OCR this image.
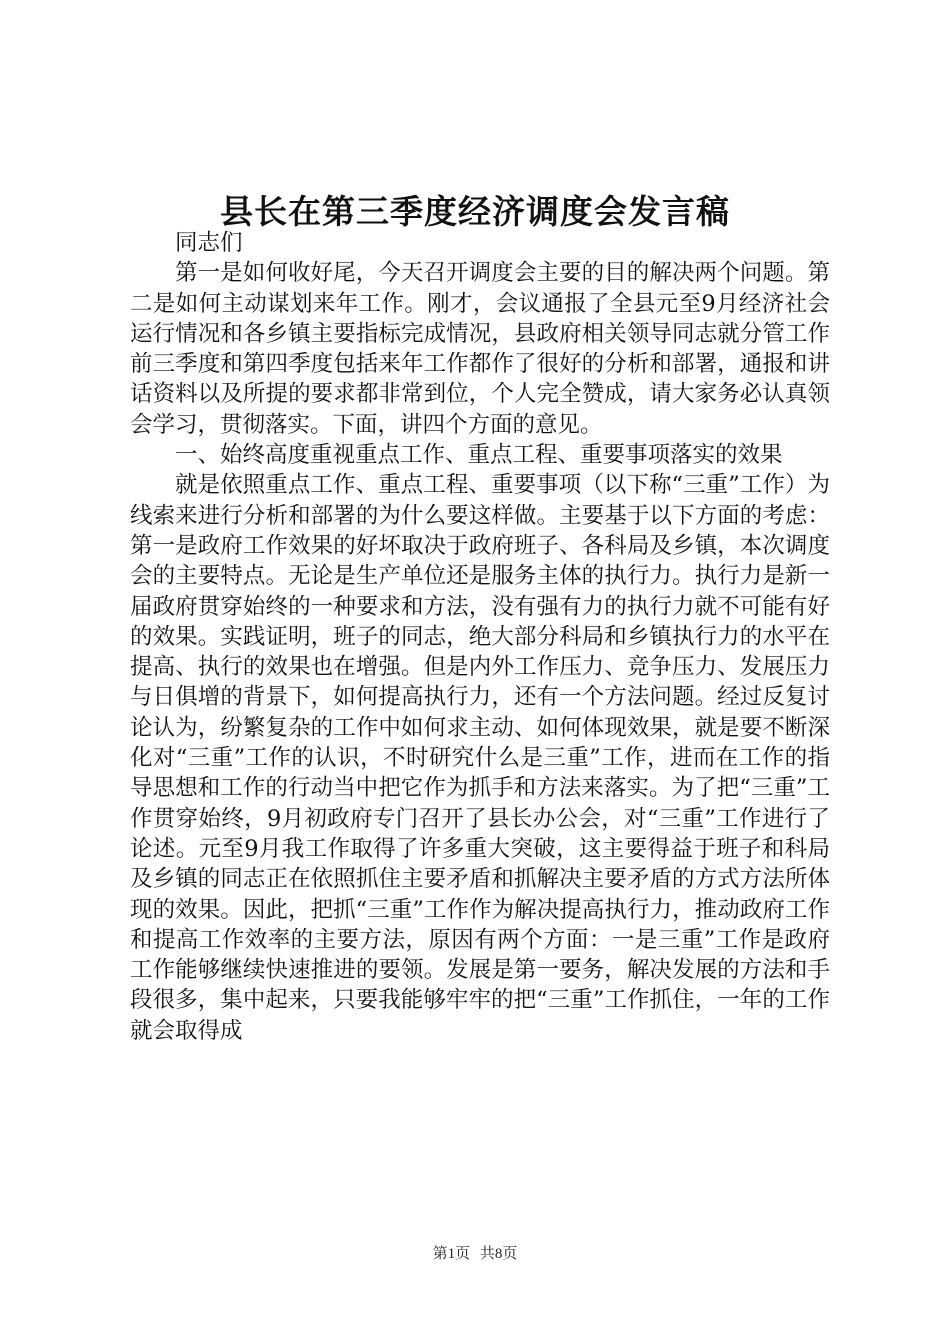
县长在第三季度经济调度会发言稿

同志们

第一是如何收好尾，今天召开调度会主要的目的解决两个问题。第二是如何主动谋划来年工作。刚才，会议通报了全县元至9月经济社会运行情况和各乡镇主要指标完成情况，县政府相关领导同志就分管工作前三季度和第四季度包括来年工作都作了很好的分析和部署，通报和讲话资料以及所提的要求都非常到位，个人完全赞成，请大家务必认真领会学习，贯彻落实。下面，讲四个方面的意见。

一、始终高度重视重点工作、重点工程、重要事项落实的效果

就是依照重点工作、重点工程、重要事项（以下称“三重”工作）为线索来进行分析和部署的为什么要这样做。主要基于以下方面的考虑：第一是政府工作效果的好坏取决于政府班子、各科局及乡镇，本次调度会的主要特点。无论是生产单位还是服务主体的执行力。执行力是新一届政府贯穿始终的一种要求和方法，没有强有力的执行力就不可能有好的效果。实践证明，班子的同志，绝大部分科局和乡镇执行力的水平在提高、执行的效果也在增强。但是内外工作压力、竞争压力、发展压力与日俱增的背景下，如何提高执行力，还有一个方法问题。经过反复讨论认为，纷繁复杂的工作中如何求主动、如何体现效果，就是要不断深化对“三重”工作的认识，不时研究什么是三重”工作，进而在工作的指导思想和工作的行动当中把它作为抓手和方法来落实。为了把“三重”工作贯穿始终，9月初政府专门召开了县长办公会，对“三重”工作进行了论述。元至9月我工作取得了许多重大突破，这主要得益于班子和科局及乡镇的同志正在依照抓住主要矛盾和抓解决主要矛盾的方式方法所体现的效果。因此，把抓“三重”工作作为解决提高执行力，推动政府工作和提高工作效率的主要方法，原因有两个方面：一是三重”工作是政府工作能够继续快速推进的要领。发展是第一要务，解决发展的方法和手段很多，集中起来，只要我能够牢牢的把“三重”工作抓住，一年的工作就会取得成

第1页 共8页
